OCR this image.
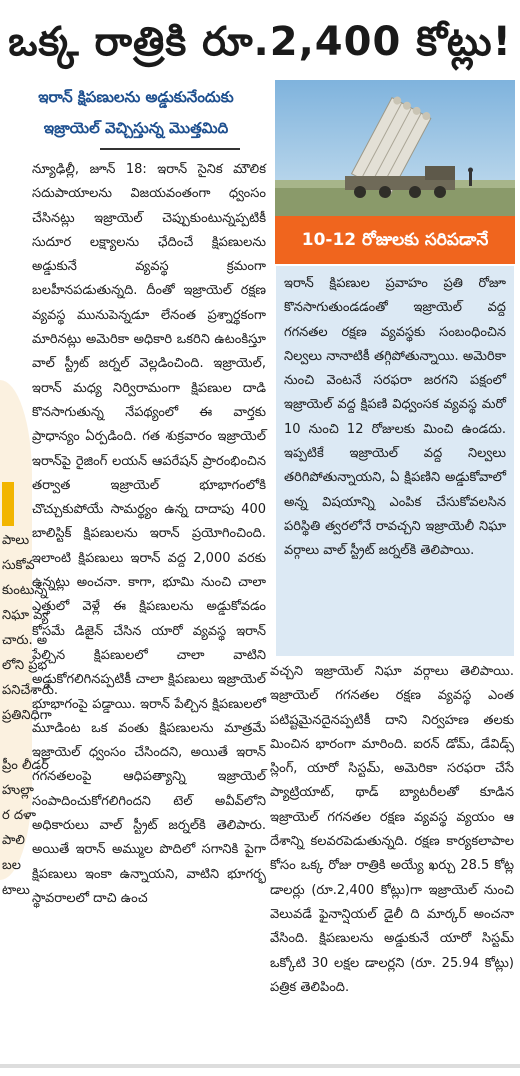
ఒక్క రాత్రికి రూ.2,400 కోట్లు!
ఇరాన్ క్షిపణులను అడ్డుకునేందుకు
ఇజ్రాయెల్ వెచ్చిస్తున్న మొత్తమిది
10-12 రోజులకు సరిపడానే

ఇరాన్ క్షిపణుల ప్రవాహం ప్రతి రోజూ కొనసాగుతుండడంతో ఇజ్రాయెల్ వద్ద గగనతల రక్షణ వ్యవస్థకు సంబంధించిన నిల్వలు నానాటికీ తగ్గిపోతున్నాయి. అమెరికా నుంచి వెంటనే సరఫరా జరగని పక్షంలో ఇజ్రాయెల్ వద్ద క్షిపణి విధ్వంసక వ్యవస్థ మరో 10 నుంచి 12 రోజులకు మించి ఉండదు. ఇప్పటికే ఇజ్రాయెల్ వద్ద నిల్వలు తరిగిపోతున్నాయని, ఏ క్షిపణిని అడ్డుకోవాలో అన్న విషయాన్ని ఎంపిక చేసుకోవలసిన పరిస్థితి త్వరలోనే రావచ్చని ఇజ్రాయెలీ నిఘా వర్గాలు వాల్ స్ట్రీట్ జర్నల్‌కి తెలిపాయి.

న్యూఢిల్లీ, జూన్ 18: ఇరాన్ సైనిక మౌలిక సదుపాయాలను విజయవంతంగా ధ్వంసం చేసినట్లు ఇజ్రాయెల్ చెప్పుకుంటున్నప్పటికీ సుదూర లక్ష్యాలను ఛేదించే క్షిపణులను అడ్డుకునే వ్యవస్థ క్రమంగా బలహీనపడుతున్నది. దీంతో ఇజ్రాయెల్ రక్షణ వ్యవస్థ మునుపెన్నడూ లేనంత ప్రశ్నార్థకంగా మారినట్లు అమెరికా అధికారి ఒకరిని ఉటంకిస్తూ వాల్ స్ట్రీట్ జర్నల్ వెల్లడించింది. ఇజ్రాయెల్, ఇరాన్ మధ్య నిర్విరామంగా క్షిపణుల దాడి కొనసాగుతున్న నేపథ్యంలో ఈ వార్తకు ప్రాధాన్యం ఏర్పడింది. గత శుక్రవారం ఇజ్రాయెల్ ఇరాన్‌పై రైజింగ్ లయన్ ఆపరేషన్ ప్రారంభించిన తర్వాత ఇజ్రాయెల్ భూభాగంలోకి చొచ్చుకుపోయే సామర్థ్యం ఉన్న దాదాపు 400 బాలిస్టిక్ క్షిపణులను ఇరాన్ ప్రయోగించింది. ఇలాంటి క్షిపణులు ఇరాన్ వద్ద 2,000 వరకు ఉన్నట్లు అంచనా. కాగా, భూమి నుంచి చాలా ఎత్తులో వెళ్లే ఈ క్షిపణులను అడ్డుకోవడం కోసమే డిజైన్ చేసిన యారో వ్యవస్థ ఇరాన్ పేల్చిన క్షిపణులలో చాలా వాటిని అడ్డుకోగలిగినప్పటికీ చాలా క్షిపణులు ఇజ్రాయెల్ భూభాగంపై పడ్డాయి. ఇరాన్ పేల్చిన క్షిపణులలో మూడింట ఒక వంతు క్షిపణులను మాత్రమే ఇజ్రాయెల్ ధ్వంసం చేసిందని, అయితే ఇరాన్ గగనతలంపై ఆధిపత్యాన్ని ఇజ్రాయెల్ సంపాదించుకోగలిగిందని టెల్ అవీవ్‌లోని అధికారులు వాల్ స్ట్రీట్ జర్నల్‌కి తెలిపారు. అయితే ఇరాన్ అమ్ముల పొదిలో సగానికి పైగా క్షిపణులు ఇంకా ఉన్నాయని, వాటిని భూగర్భ స్థావరాలలో దాచి ఉంచ

వచ్చని ఇజ్రాయెల్ నిఘా వర్గాలు తెలిపాయి. ఇజ్రాయెల్ గగనతల రక్షణ వ్యవస్థ ఎంత పటిష్టమైనదైనప్పటికీ దాని నిర్వహణ తలకు మించిన భారంగా మారింది. ఐరన్ డోమ్, డేవిడ్స్ స్లింగ్, యారో సిస్టమ్, అమెరికా సరఫరా చేసే ప్యాట్రియాట్, థాడ్ బ్యాటరీలతో కూడిన ఇజ్రాయెల్ గగనతల రక్షణ వ్యవస్థ వ్యయం ఆ దేశాన్ని కలవరపెడుతున్నది. రక్షణ కార్యకలాపాల కోసం ఒక్క రోజు రాత్రికి అయ్యే ఖర్చు 28.5 కోట్ల డాలర్లు (రూ.2,400 కోట్లు)గా ఇజ్రాయెల్ నుంచి వెలువడే ఫైనాన్షియల్ డైలీ ది మార్కర్ అంచనా వేసింది. క్షిపణులను అడ్డుకునే యారో సిస్టమ్ ఒక్కోటి 30 లక్షల డాలర్లని (రూ. 25.94 కోట్లు) పత్రిక తెలిపింది.

పాలు
సుకోవ
కుంటున్న
నిఘా వ్య
చారు. అ
లోని ప్రభ
పనిచేశారు.
ప్రతినిధిగా

ప్రీం లీడర్
హుల్లా
ర దళా
పాలి
బల
టాలు
